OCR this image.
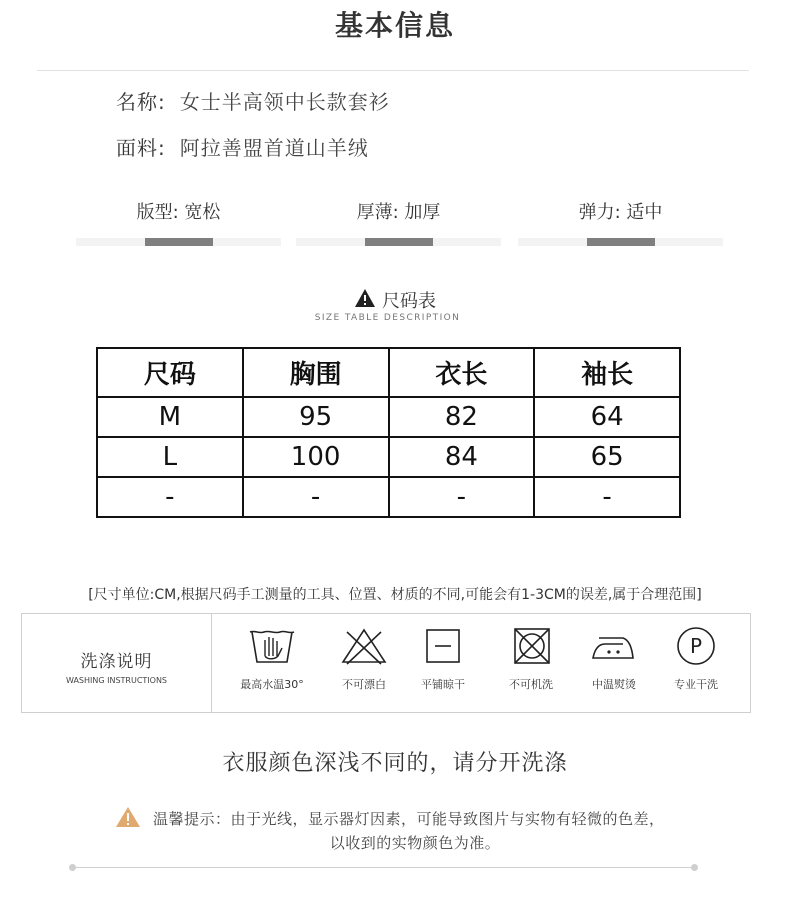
基本信息
名称: 女士半高领中长款套衫
面料: 阿拉善盟首道山羊绒
版型: 宽松	厚薄: 加厚	弹力: 适中
尺码表
SIZE TABLE DESCRIPTION
尺码	胸围	衣长	袖长
M	95	82	64
L	100	84	65
-	-	-	-
[尺寸单位:CM,根据尺码手工测量的工具、位置、材质的不同,可能会有1-3CM的误差,属于合理范围]
洗涤说明
WASHING INSTRUCTIONS	最高水温30°	不可漂白	平铺晾干	不可机洗	中温熨烫
P
专业干洗
衣服颜色深浅不同的，请分开洗涤
温馨提示：由于光线，显示器灯因素，可能导致图片与实物有轻微的色差，
以收到的实物颜色为准。
